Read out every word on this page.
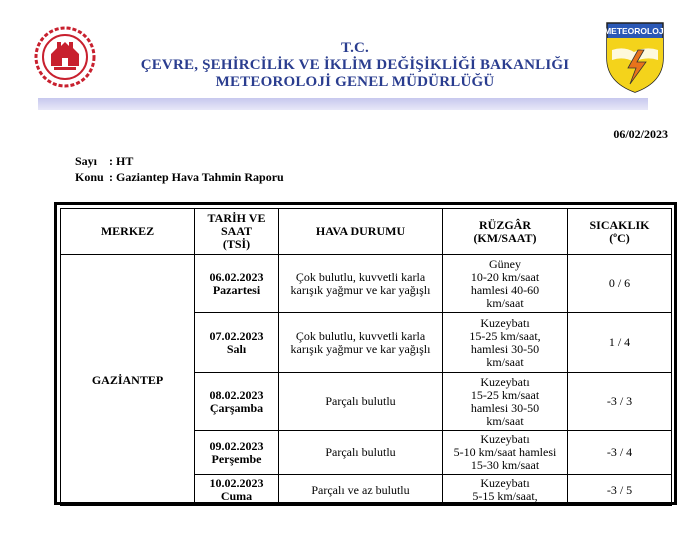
T.C.
ÇEVRE, ŞEHİRCİLİK VE İKLİM DEĞİŞİKLİĞİ BAKANLIĞI
METEOROLOJİ GENEL MÜDÜRLÜĞÜ
METEOROLOJi
06/02/2023
Sayı : HT
Konu : Gaziantep Hava Tahmin Raporu
MERKEZ	TARİH VE
SAAT
(TSİ)	HAVA DURUMU	RÜZGÂR
(KM/SAAT)	SICAKLIK
(ºC)

GAZİANTEP	06.02.2023
Pazartesi	Çok bulutlu, kuvvetli karla
karışık yağmur ve kar yağışlı	Güney
10-20 km/saat
hamlesi 40-60
km/saat	0 / 6

	07.02.2023
Salı	Çok bulutlu, kuvvetli karla
karışık yağmur ve kar yağışlı	Kuzeybatı
15-25 km/saat,
hamlesi 30-50
km/saat	1 / 4

	08.02.2023
Çarşamba	Parçalı bulutlu	Kuzeybatı
15-25 km/saat
hamlesi 30-50
km/saat	-3 / 3

	09.02.2023
Perşembe	Parçalı bulutlu	Kuzeybatı
5-10 km/saat hamlesi
15-30 km/saat	-3 / 4

	10.02.2023
Cuma	Parçalı ve az bulutlu	Kuzeybatı
5-15 km/saat,	-3 / 5
